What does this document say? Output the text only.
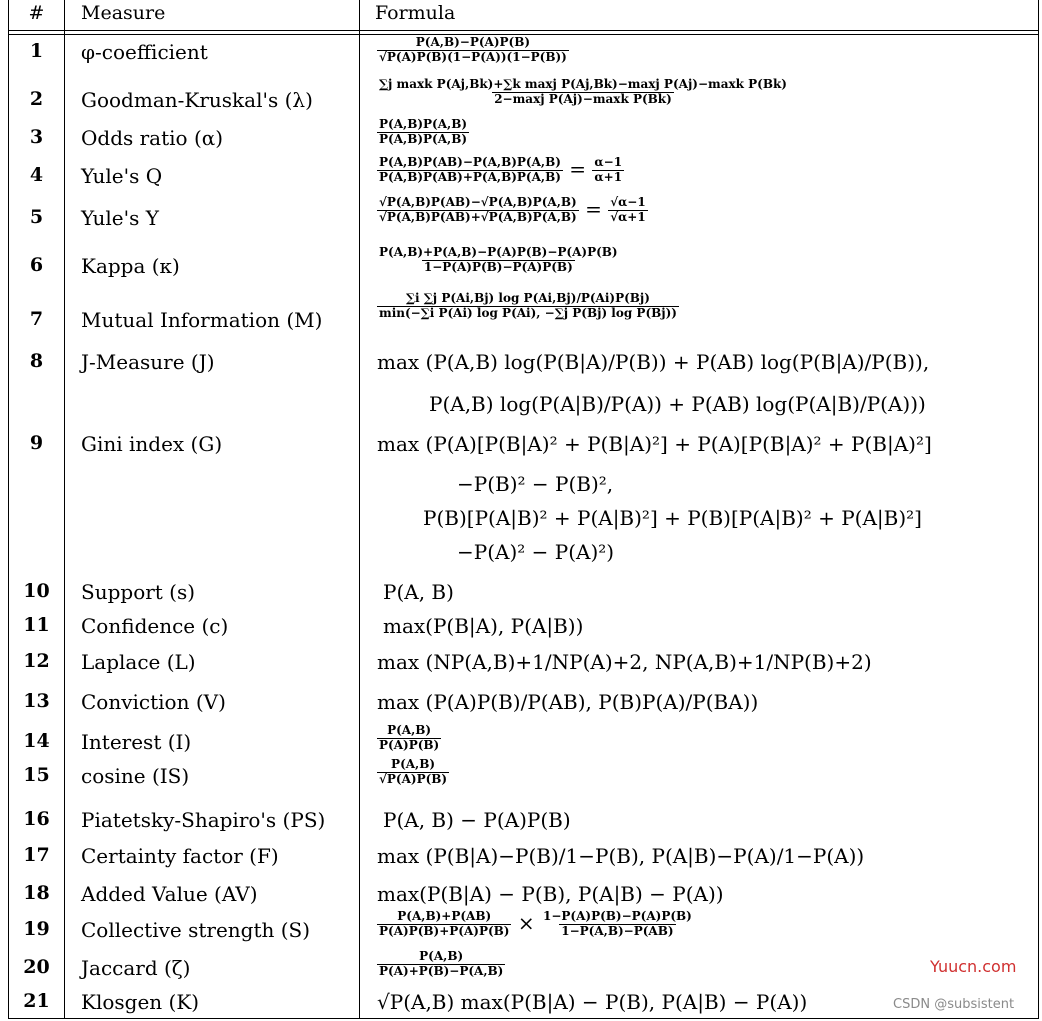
#	Measure	Formula
1	φ-coefficient	$\frac{P(A,B)-P(A)P(B)}{√P(A)P(B)(1-P(A))(1-P(B))}$
2	Goodman-Kruskal's (λ)	$\frac{\text{∑j maxk P(Aj,Bk)+∑k maxj P(Aj,Bk)−maxj P(Aj)−maxk P(Bk)}}{\text{2−maxj P(Aj)−maxk P(Bk)}}$
3	Odds ratio (α)	$\frac{P(A,B)P(A,B)}{P(A,B)P(A,B)}$
4	Yule's Q	$\frac{P(A,B)P(AB)-P(A,B)P(A,B)}{P(A,B)P(AB)+P(A,B)P(A,B)} = \frac{\alpha-1}{\alpha+1}$
5	Yule's Y	$\frac{√P(A,B)P(AB)-√P(A,B)P(A,B)}{√P(A,B)P(AB)+√P(A,B)P(A,B)} = \frac{√\alpha-1}{√\alpha+1}$
6	Kappa (κ)	$\frac{P(A,B)+P(A,B)-P(A)P(B)-P(A)P(B)}{1-P(A)P(B)-P(A)P(B)}$
7	Mutual Information (M)	$\frac{\text{∑i ∑j P(Ai,Bj) log P(Ai,Bj)/P(Ai)P(Bj)}}{\text{min(−∑i P(Ai) log P(Ai), −∑j P(Bj) log P(Bj))}}$
8	J-Measure (J)	max (P(A,B) log(P(B|A)/P(B)) + P(AB) log(P(B|A)/P(B)),
P(A,B) log(P(A|B)/P(A)) + P(AB) log(P(A|B)/P(A)))
9	Gini index (G)	max (P(A)[P(B|A)² + P(B|A)²] + P(A)[P(B|A)² + P(B|A)²]
−P(B)² − P(B)²,
P(B)[P(A|B)² + P(A|B)²] + P(B)[P(A|B)² + P(A|B)²]
−P(A)² − P(A)²)
10	Support (s)	P(A, B)
11	Confidence (c)	max(P(B|A), P(A|B))
12	Laplace (L)	max (NP(A,B)+1/NP(A)+2, NP(A,B)+1/NP(B)+2)
13	Conviction (V)	max (P(A)P(B)/P(AB), P(B)P(A)/P(BA))
14	Interest (I)	$\frac{P(A,B)}{P(A)P(B)}$
15	cosine (IS)	$\frac{P(A,B)}{√P(A)P(B)}$
16	Piatetsky-Shapiro's (PS)	P(A, B) − P(A)P(B)
17	Certainty factor (F)	max (P(B|A)−P(B)/1−P(B), P(A|B)−P(A)/1−P(A))
18	Added Value (AV)	max(P(B|A) − P(B), P(A|B) − P(A))
19	Collective strength (S)	$\frac{P(A,B)+P(AB)}{P(A)P(B)+P(A)P(B)} \times \frac{1-P(A)P(B)-P(A)P(B)}{1-P(A,B)-P(AB)}$
20	Jaccard (ζ)	$\frac{P(A,B)}{P(A)+P(B)-P(A,B)}$
21	Klosgen (K)	√P(A,B) max(P(B|A) − P(B), P(A|B) − P(A))
Yuucn.com
CSDN @subsistent
